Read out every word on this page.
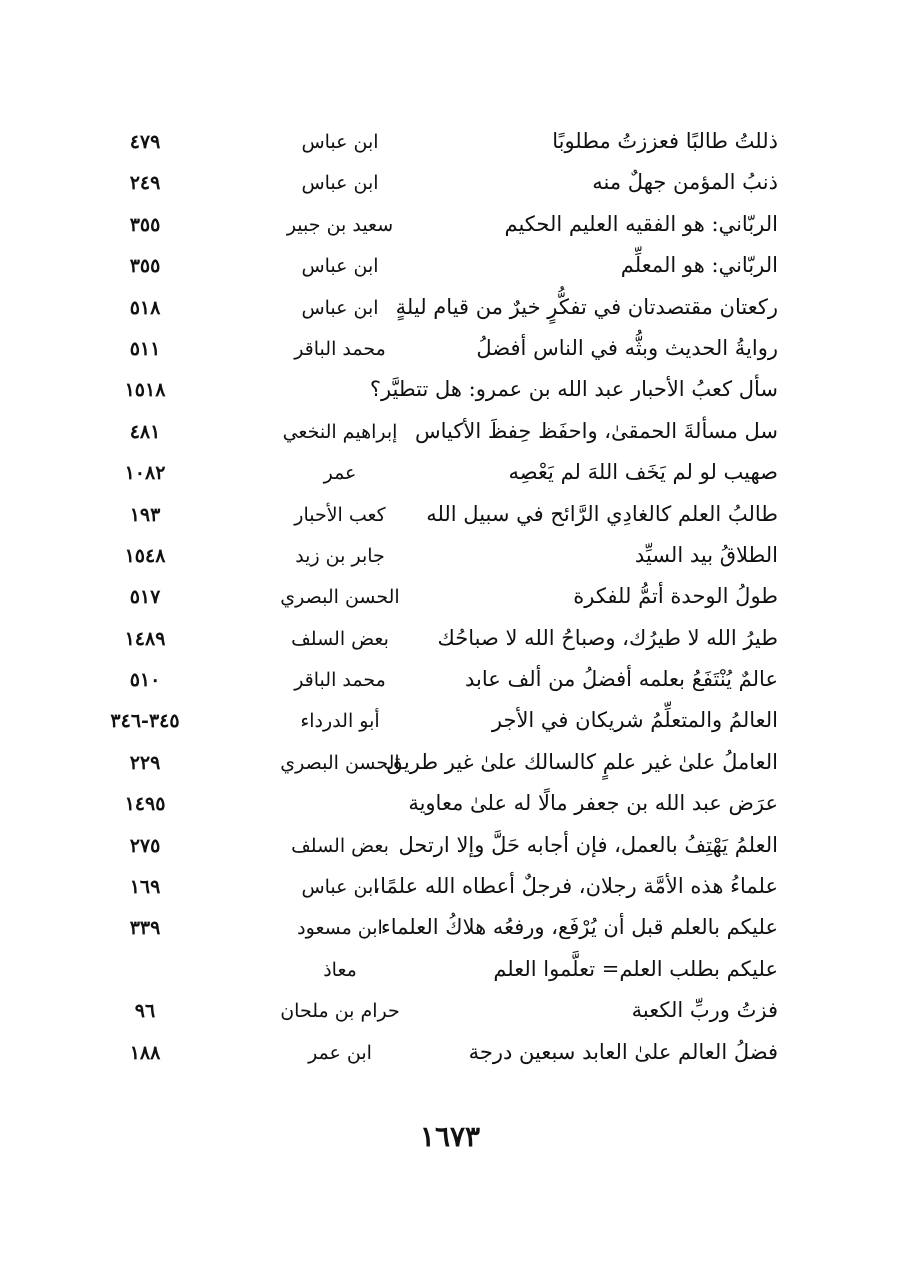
ذللتُ طالبًا فعززتُ مطلوبًا
ابن عباس
٤٧٩
ذنبُ المؤمن جهلٌ منه
ابن عباس
٢٤٩
الربّاني: هو الفقيه العليم الحكيم
سعيد بن جبير
٣٥٥
الربّاني: هو المعلِّم
ابن عباس
٣٥٥
ركعتان مقتصدتان في تفكُّرٍ خيرٌ من قيام ليلةٍ
ابن عباس
٥١٨
روايةُ الحديث وبثُّه في الناس أفضلُ
محمد الباقر
٥١١
سأل كعبُ الأحبار عبد الله بن عمرو: هل تتطيَّر؟
١٥١٨
سل مسألةَ الحمقىٰ، واحفَظ حِفظَ الأكياس
إبراهيم النخعي
٤٨١
صهيب لو لم يَخَف اللهَ لم يَعْصِه
عمر
١٠٨٢
طالبُ العلم كالغادِي الرَّائح في سبيل الله
كعب الأحبار
١٩٣
الطلاقُ بيد السيِّد
جابر بن زيد
١٥٤٨
طولُ الوحدة أتمُّ للفكرة
الحسن البصري
٥١٧
طيرُ الله لا طيرُك، وصباحُ الله لا صباحُك
بعض السلف
١٤٨٩
عالمٌ يُنْتَفَعُ بعلمه أفضلُ من ألف عابد
محمد الباقر
٥١٠
العالمُ والمتعلِّمُ شريكان في الأجر
أبو الدرداء
٣٤٥-٣٤٦
العاملُ علىٰ غير علمٍ كالسالك علىٰ غير طريق
الحسن البصري
٢٢٩
عرَض عبد الله بن جعفر مالًا له علىٰ معاوية
١٤٩٥
العلمُ يَهْتِفُ بالعمل، فإن أجابه حَلَّ وإلا ارتحل
بعض السلف
٢٧٥
علماءُ هذه الأمَّة رجلان، فرجلٌ أعطاه الله علمًا،
ابن عباس
١٦٩
عليكم بالعلم قبل أن يُرْفَع، ورفعُه هلاكُ العلماء
ابن مسعود
٣٣٩
عليكم بطلب العلم= تعلَّموا العلم
معاذ
فزتُ وربِّ الكعبة
حرام بن ملحان
٩٦
فضلُ العالم علىٰ العابد سبعين درجة
ابن عمر
١٨٨
١٦٧٣
